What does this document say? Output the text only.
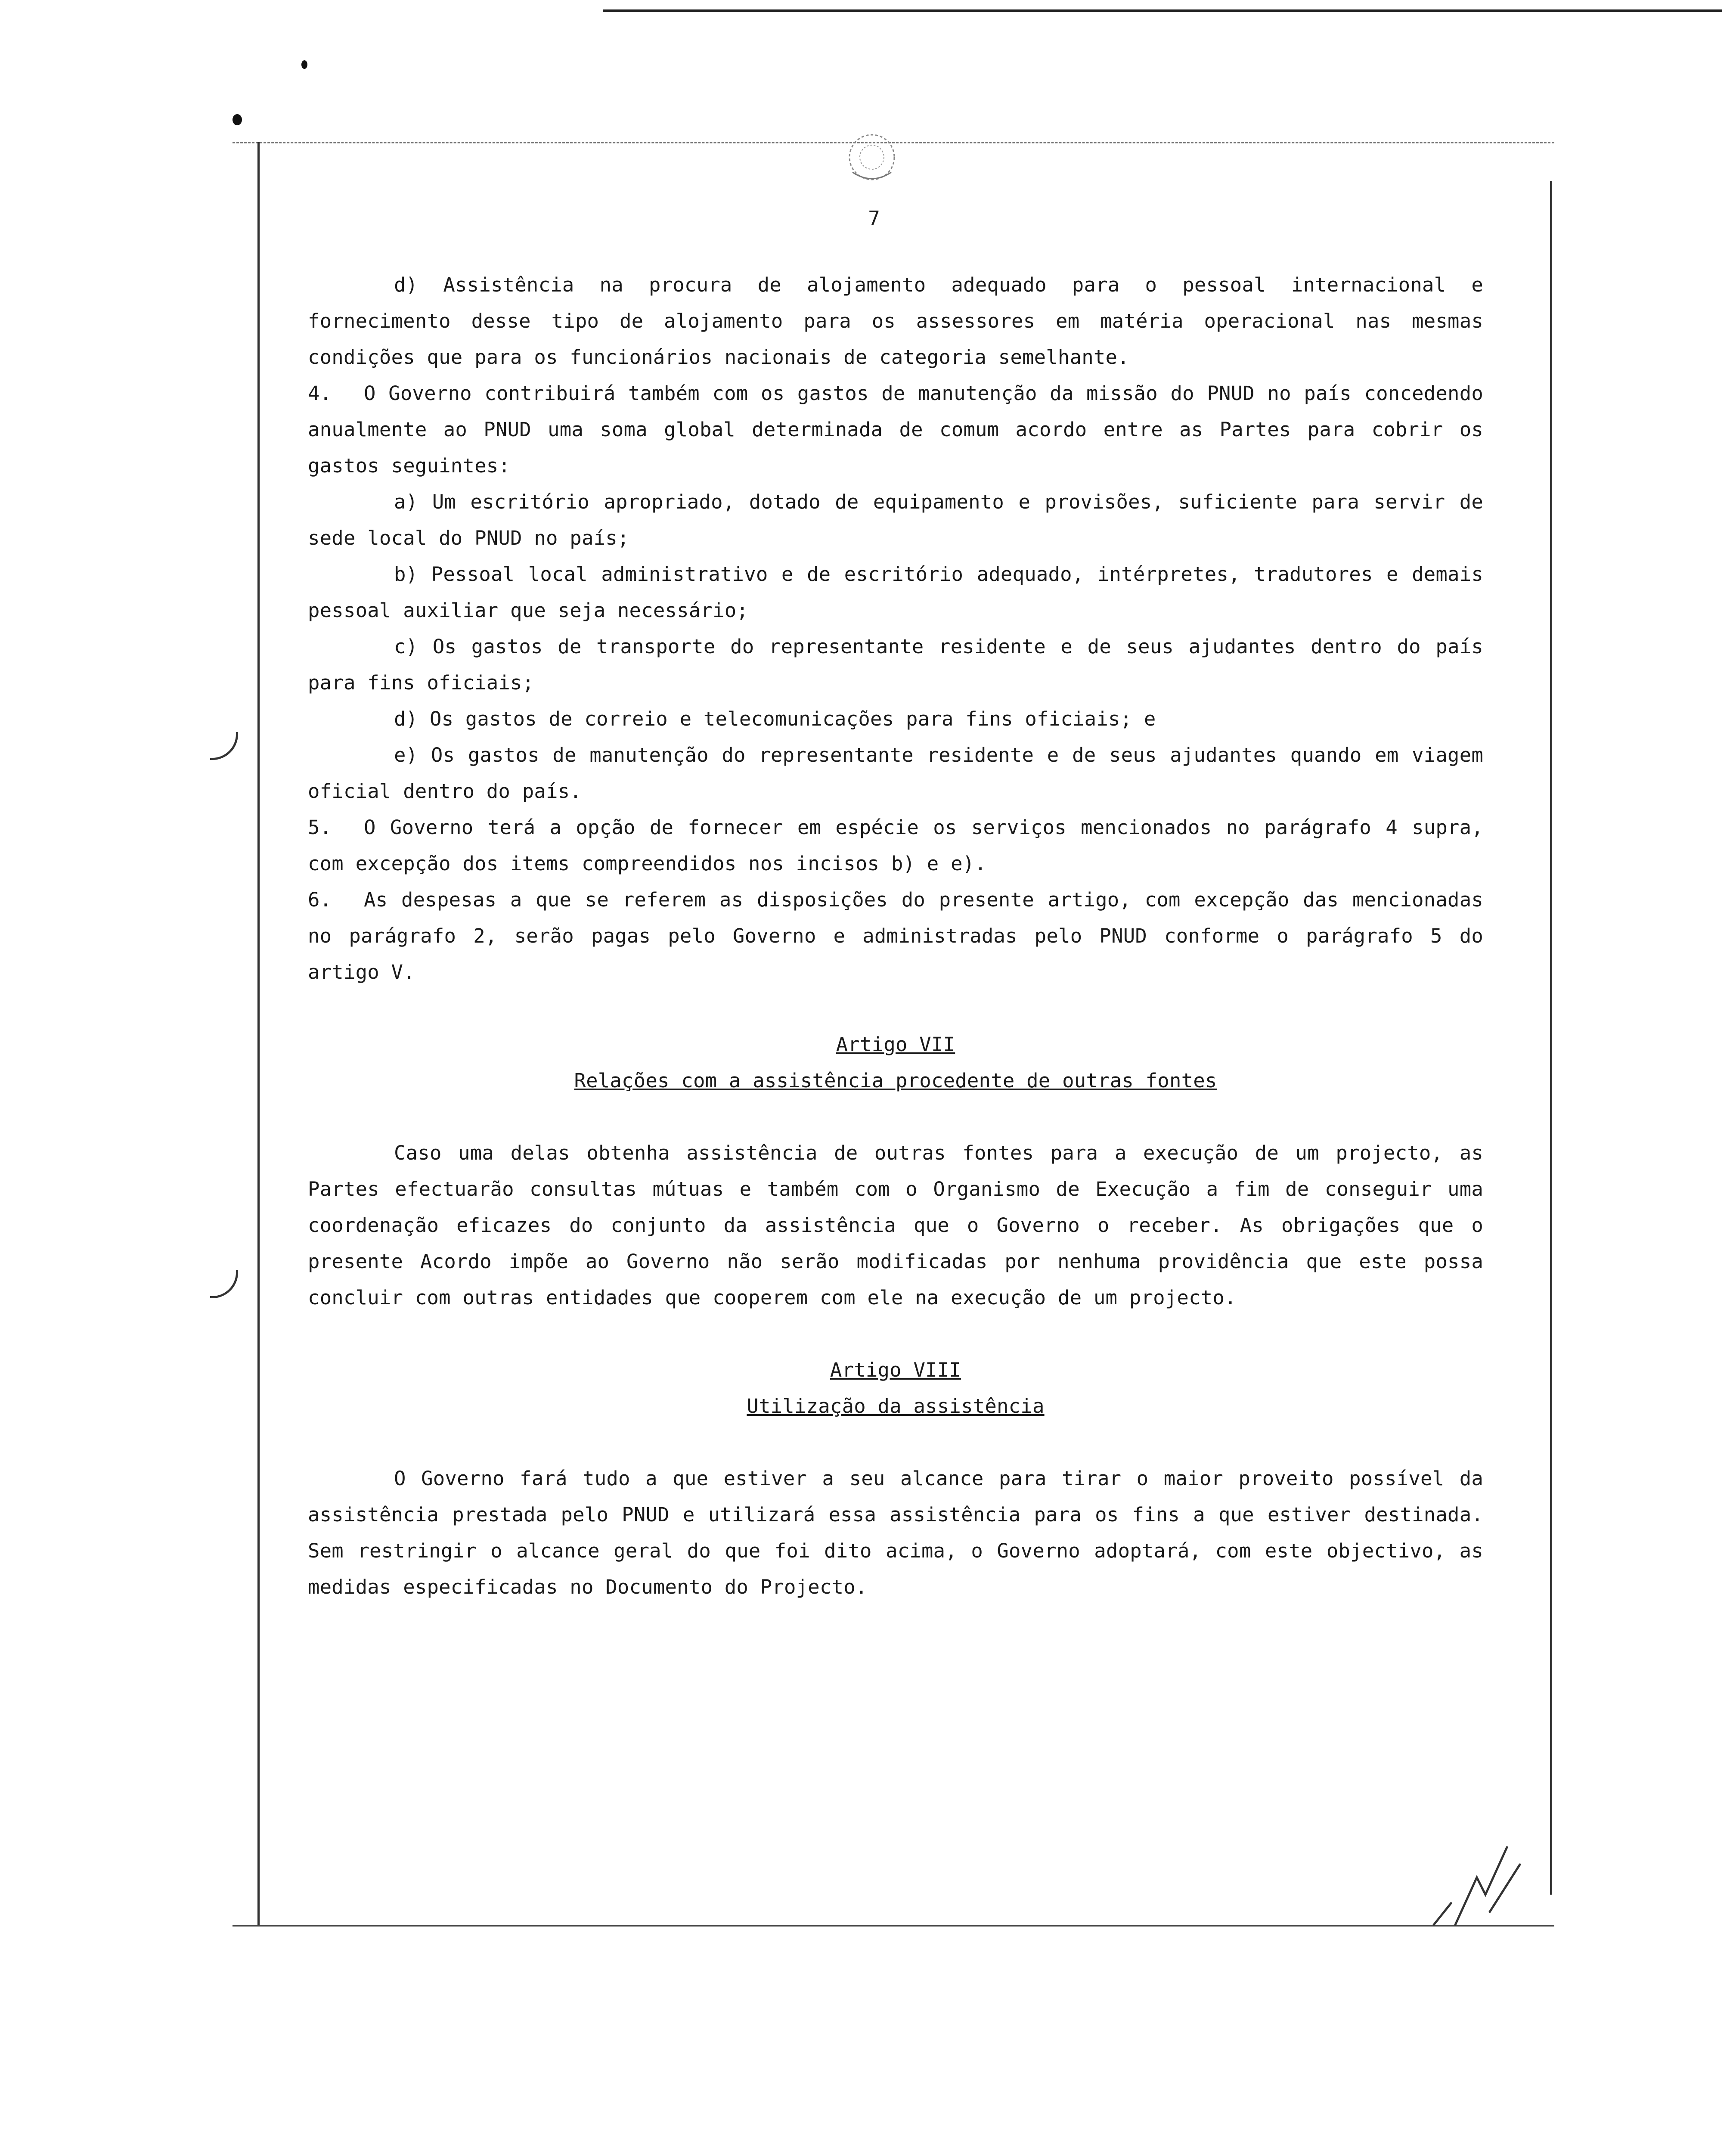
7

d) Assistência na procura de alojamento adequado para o pessoal internacional e fornecimento desse tipo de alojamento para os assessores em matéria operacional nas mesmas condições que para os funcionários nacionais de categoria semelhante.

4. O Governo contribuirá também com os gastos de manutenção da missão do PNUD no país concedendo anualmente ao PNUD uma soma global determinada de comum acordo entre as Partes para cobrir os gastos seguintes:

a) Um escritório apropriado, dotado de equipamento e provisões, suficiente para servir de sede local do PNUD no país;

b) Pessoal local administrativo e de escritório adequado, intérpretes, tradutores e demais pessoal auxiliar que seja necessário;

c) Os gastos de transporte do representante residente e de seus ajudantes dentro do país para fins oficiais;

d) Os gastos de correio e telecomunicações para fins oficiais; e

e) Os gastos de manutenção do representante residente e de seus ajudantes quando em viagem oficial dentro do país.

5. O Governo terá a opção de fornecer em espécie os serviços mencionados no parágrafo 4 supra, com excepção dos items compreendidos nos incisos b) e e).

6. As despesas a que se referem as disposições do presente artigo, com excepção das mencionadas no parágrafo 2, serão pagas pelo Governo e administradas pelo PNUD conforme o parágrafo 5 do artigo V.

Artigo VII

Relações com a assistência procedente de outras fontes

Caso uma delas obtenha assistência de outras fontes para a execução de um projecto, as Partes efectuarão consultas mútuas e também com o Organismo de Execução a fim de conseguir uma coordenação eficazes do conjunto da assistência que o Governo o receber. As obrigações que o presente Acordo impõe ao Governo não serão modificadas por nenhuma providência que este possa concluir com outras entidades que cooperem com ele na execução de um projecto.

Artigo VIII

Utilização da assistência

O Governo fará tudo a que estiver a seu alcance para tirar o maior proveito possível da assistência prestada pelo PNUD e utilizará essa assistência para os fins a que estiver destinada. Sem restringir o alcance geral do que foi dito acima, o Governo adoptará, com este objectivo, as medidas especificadas no Documento do Projecto.
